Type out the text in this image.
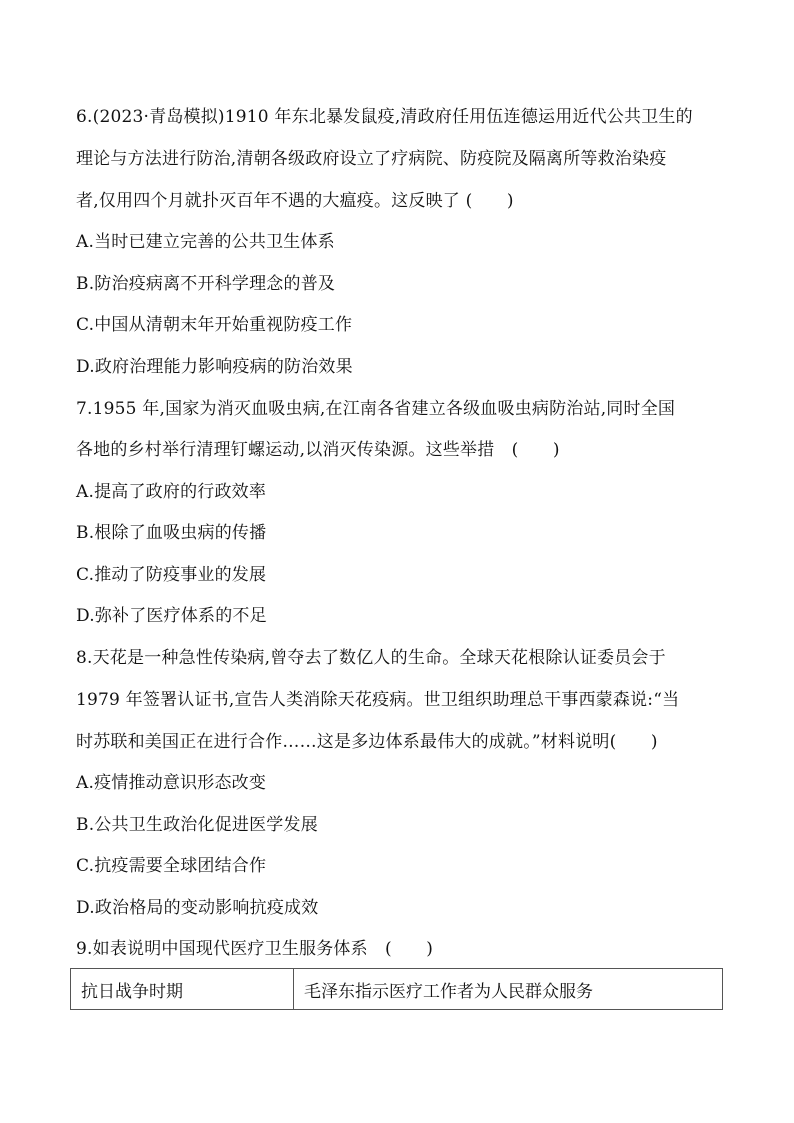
6.(2023·青岛模拟)1910 年东北暴发鼠疫,清政府任用伍连德运用近代公共卫生的
理论与方法进行防治,清朝各级政府设立了疗病院、防疫院及隔离所等救治染疫
者,仅用四个月就扑灭百年不遇的大瘟疫。这反映了 (　　)
A.当时已建立完善的公共卫生体系
B.防治疫病离不开科学理念的普及
C.中国从清朝末年开始重视防疫工作
D.政府治理能力影响疫病的防治效果
7.1955 年,国家为消灭血吸虫病,在江南各省建立各级血吸虫病防治站,同时全国
各地的乡村举行清理钉螺运动,以消灭传染源。这些举措　(　　)
A.提高了政府的行政效率
B.根除了血吸虫病的传播
C.推动了防疫事业的发展
D.弥补了医疗体系的不足
8.天花是一种急性传染病,曾夺去了数亿人的生命。全球天花根除认证委员会于
1979 年签署认证书,宣告人类消除天花疫病。世卫组织助理总干事西蒙森说:“当
时苏联和美国正在进行合作……这是多边体系最伟大的成就。”材料说明(　　)
A.疫情推动意识形态改变
B.公共卫生政治化促进医学发展
C.抗疫需要全球团结合作
D.政治格局的变动影响抗疫成效
9.如表说明中国现代医疗卫生服务体系　(　　)
抗日战争时期	毛泽东指示医疗工作者为人民群众服务
